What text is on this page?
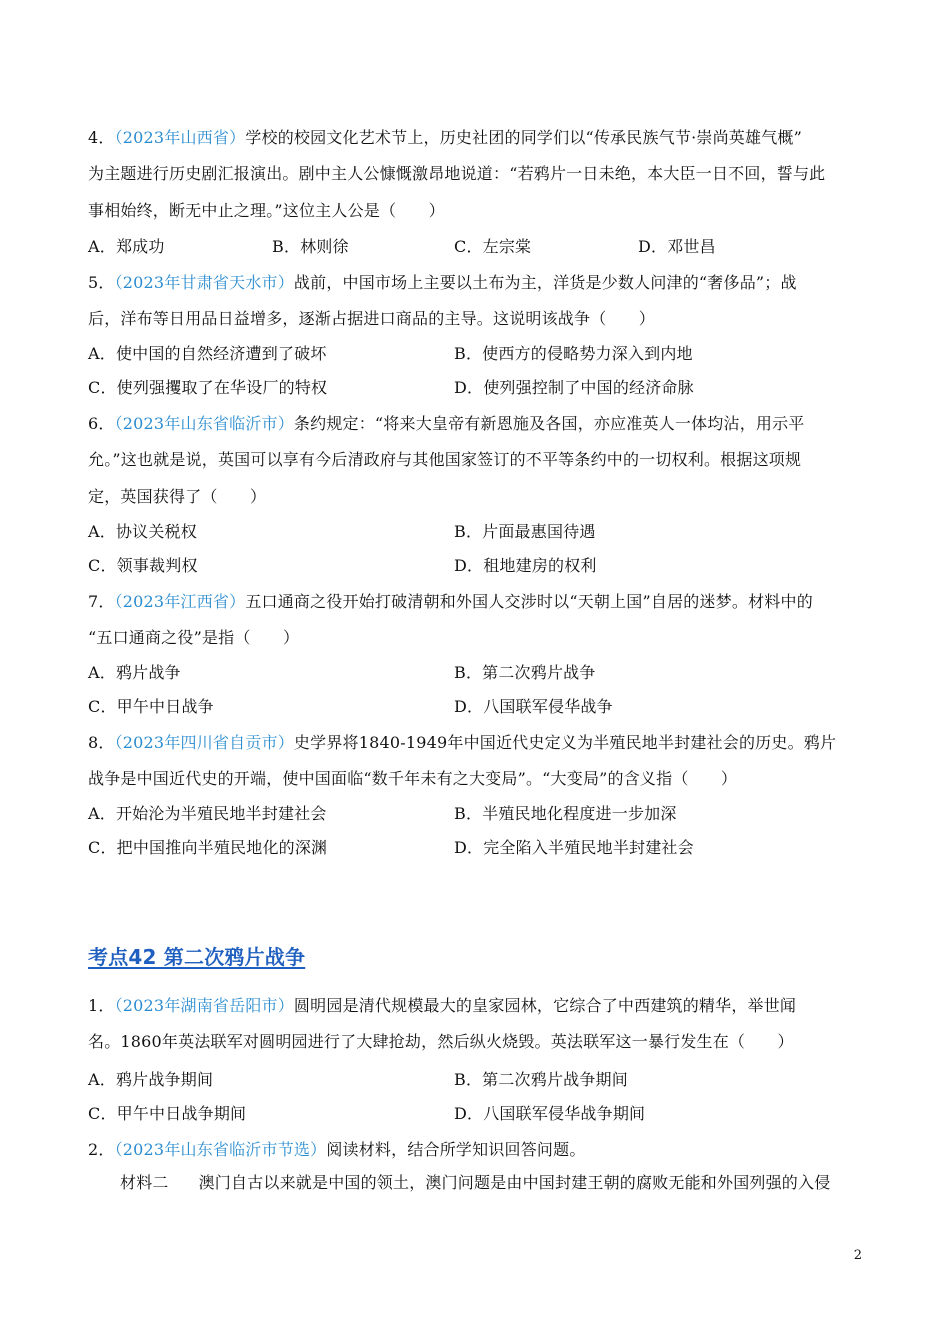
4．（2023年山西省）学校的校园文化艺术节上，历史社团的同学们以“传承民族气节·崇尚英雄气概”
为主题进行历史剧汇报演出。剧中主人公慷慨激昂地说道：“若鸦片一日未绝，本大臣一日不回，誓与此
事相始终，断无中止之理。”这位主人公是（　　）
A．郑成功	B．林则徐	C．左宗棠	D．邓世昌
5．（2023年甘肃省天水市）战前，中国市场上主要以土布为主，洋货是少数人问津的“奢侈品”；战
后，洋布等日用品日益增多，逐渐占据进口商品的主导。这说明该战争（　　）
A．使中国的自然经济遭到了破坏	B．使西方的侵略势力深入到内地
C．使列强攫取了在华设厂的特权	D．使列强控制了中国的经济命脉
6．（2023年山东省临沂市）条约规定：“将来大皇帝有新恩施及各国，亦应准英人一体均沾，用示平
允。”这也就是说，英国可以享有今后清政府与其他国家签订的不平等条约中的一切权利。根据这项规
定，英国获得了（　　）
A．协议关税权	B．片面最惠国待遇
C．领事裁判权	D．租地建房的权利
7．（2023年江西省）五口通商之役开始打破清朝和外国人交涉时以“天朝上国”自居的迷梦。材料中的
“五口通商之役”是指（　　）
A．鸦片战争	B．第二次鸦片战争
C．甲午中日战争	D．八国联军侵华战争
8．（2023年四川省自贡市）史学界将1840-1949年中国近代史定义为半殖民地半封建社会的历史。鸦片
战争是中国近代史的开端，使中国面临“数千年未有之大变局”。“大变局”的含义指（　　）
A．开始沦为半殖民地半封建社会	B．半殖民地化程度进一步加深
C．把中国推向半殖民地化的深渊	D．完全陷入半殖民地半封建社会
考点42 第二次鸦片战争
1．（2023年湖南省岳阳市）圆明园是清代规模最大的皇家园林，它综合了中西建筑的精华，举世闻
名。1860年英法联军对圆明园进行了大肆抢劫，然后纵火烧毁。英法联军这一暴行发生在（　　）
A．鸦片战争期间	B．第二次鸦片战争期间
C．甲午中日战争期间	D．八国联军侵华战争期间
2．（2023年山东省临沂市节选）阅读材料，结合所学知识回答问题。
材料二 澳门自古以来就是中国的领土，澳门问题是由中国封建王朝的腐败无能和外国列强的入侵
2
